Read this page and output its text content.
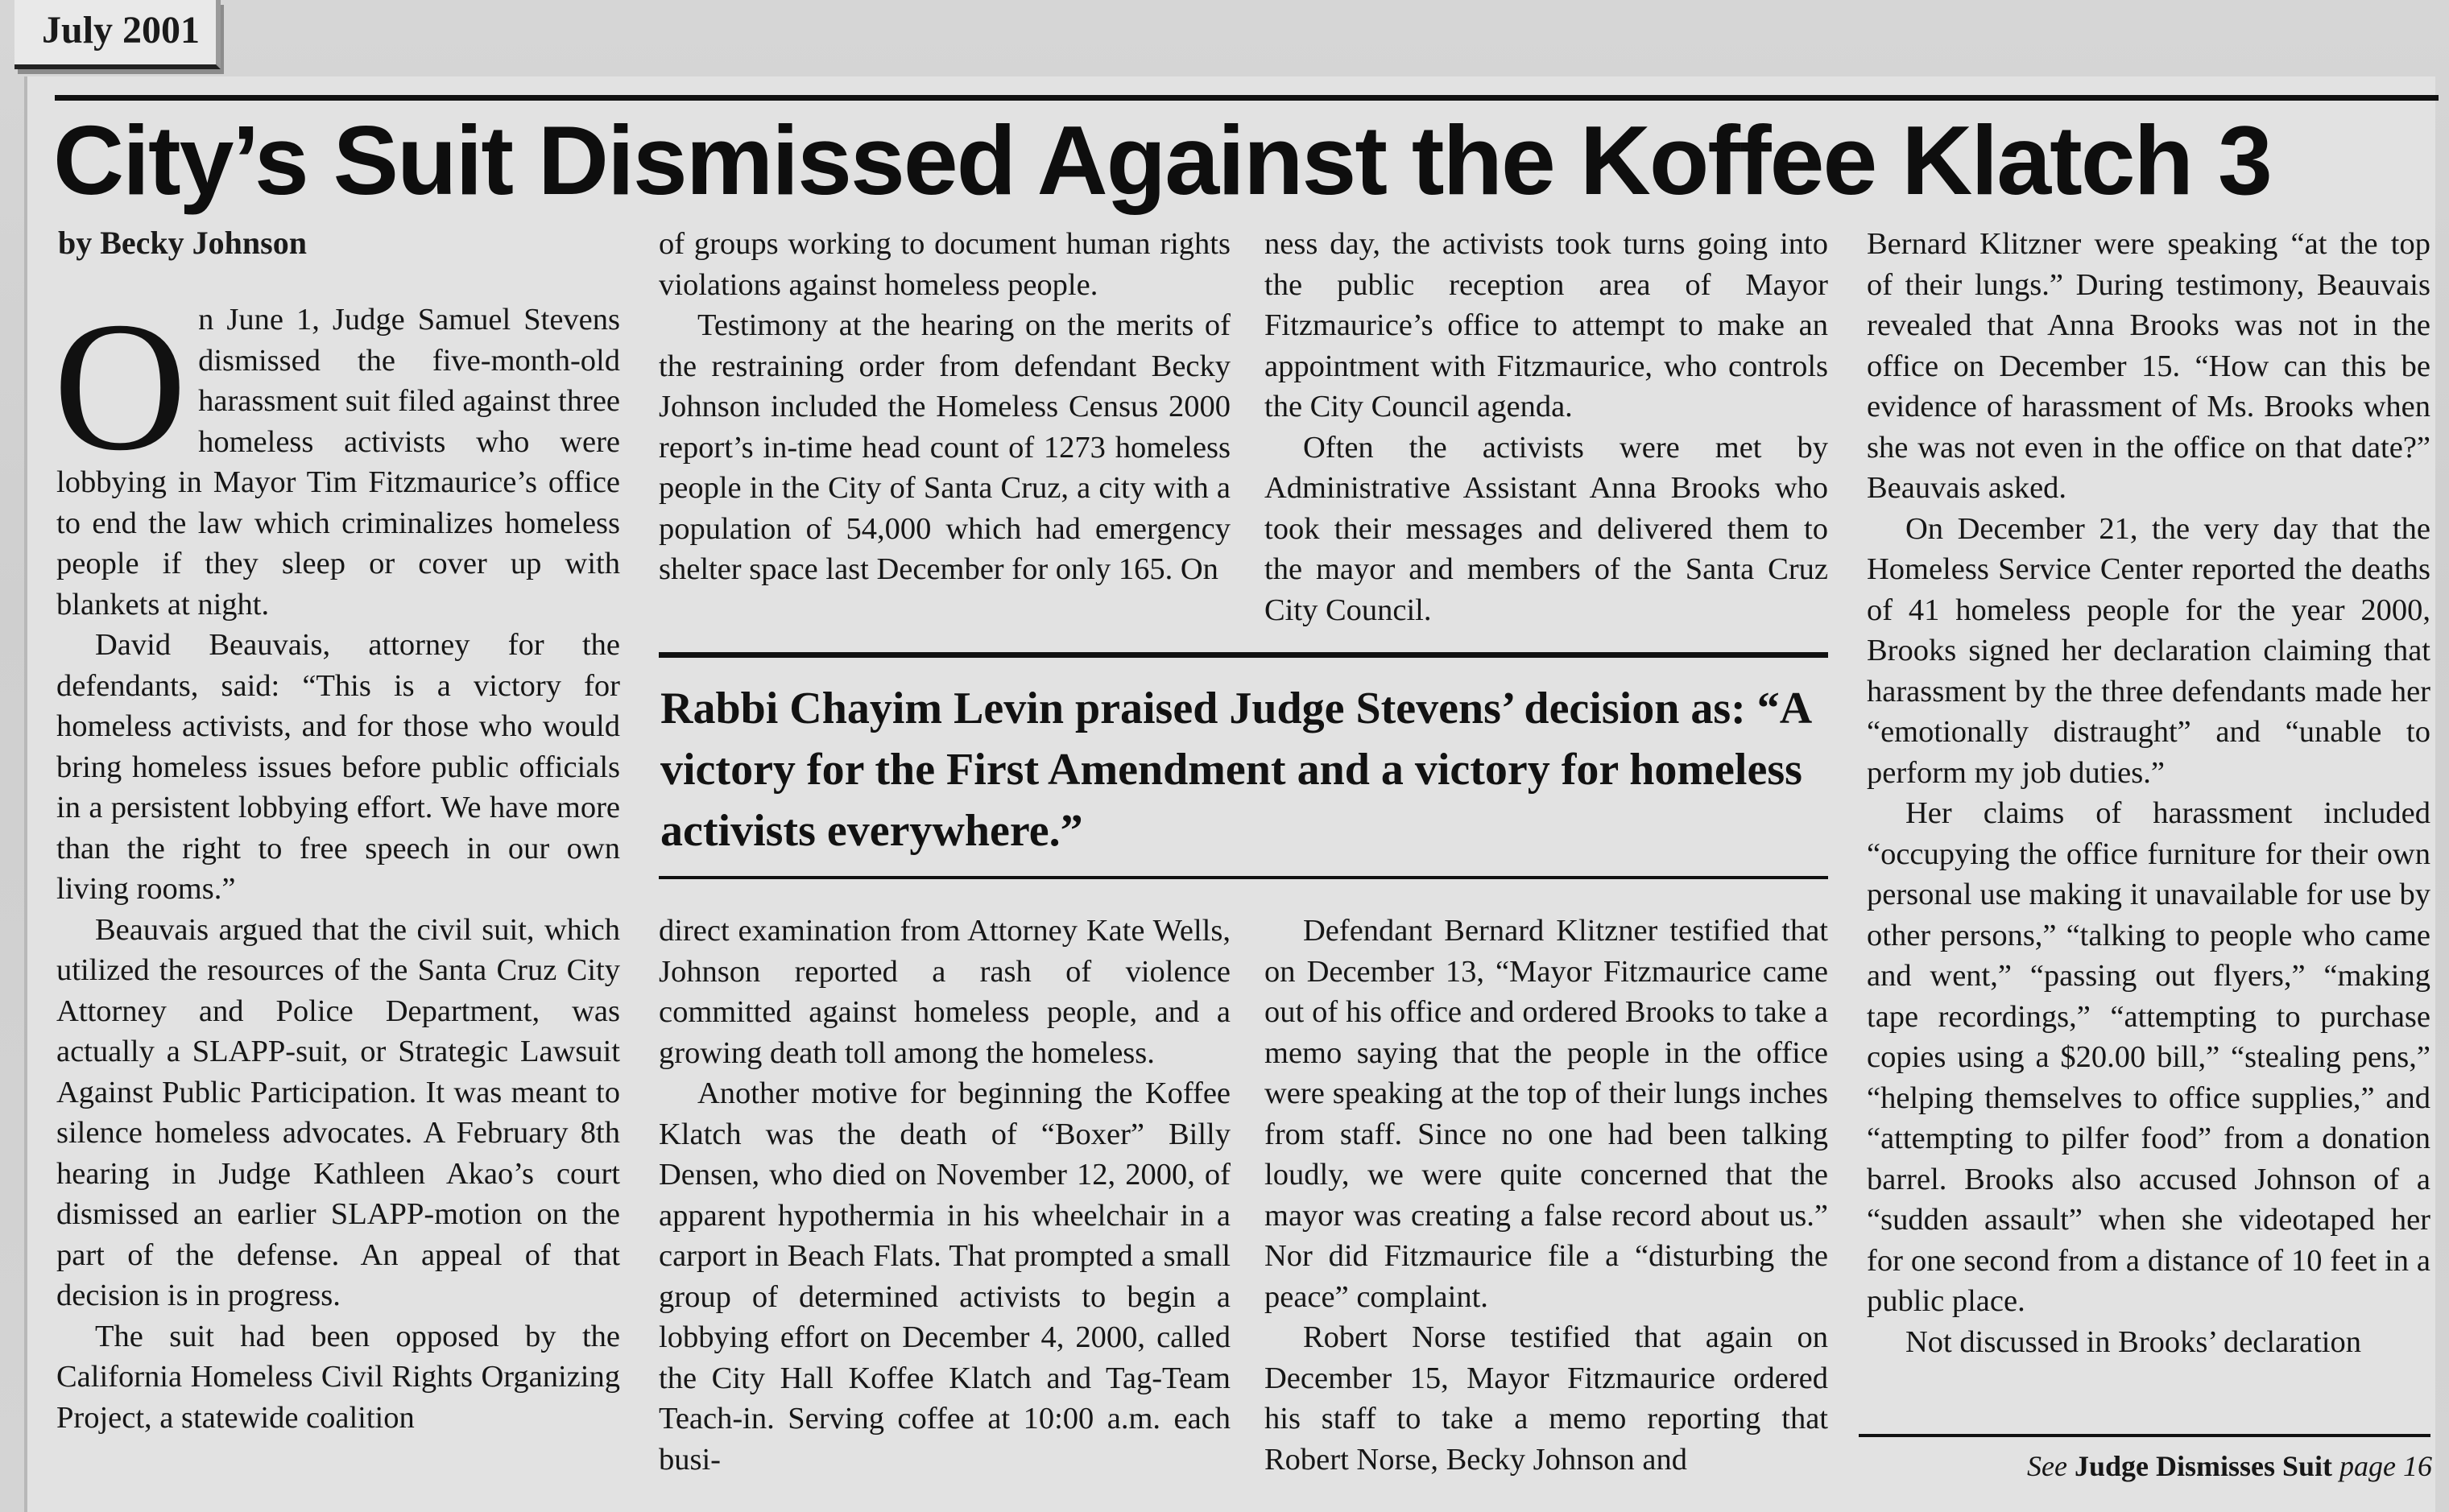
July 2001
City’s Suit Dismissed Against the Koffee Klatch 3
by Becky Johnson

On June 1, Judge Samuel Stevens dismissed the five-month-old harassment suit filed against three homeless activists who were lobbying in Mayor Tim Fitzmaurice’s office to end the law which criminalizes homeless people if they sleep or cover up with blankets at night.

David Beauvais, attorney for the defendants, said: “This is a victory for homeless activists, and for those who would bring homeless issues before public officials in a persistent lobbying effort. We have more than the right to free speech in our own living rooms.”

Beauvais argued that the civil suit, which utilized the resources of the Santa Cruz City Attorney and Police Department, was actually a SLAPP-suit, or Strategic Lawsuit Against Public Participation. It was meant to silence homeless advocates. A February 8th hearing in Judge Kathleen Akao’s court dismissed an earlier SLAPP-motion on the part of the defense. An appeal of that decision is in progress.

The suit had been opposed by the California Homeless Civil Rights Organizing Project, a statewide coalition

of groups working to document human rights violations against homeless people.

Testimony at the hearing on the merits of the restraining order from defendant Becky Johnson included the Homeless Census 2000 report’s in-time head count of 1273 homeless people in the City of Santa Cruz, a city with a population of 54,000 which had emergency shelter space last December for only 165. On

ness day, the activists took turns going into the public reception area of Mayor Fitzmaurice’s office to attempt to make an appointment with Fitzmaurice, who controls the City Council agenda.

Often the activists were met by Administrative Assistant Anna Brooks who took their messages and delivered them to the mayor and members of the Santa Cruz City Council.

Rabbi Chayim Levin praised Judge Stevens’ decision as: “A victory for the First Amendment and a victory for homeless activists everywhere.”

direct examination from Attorney Kate Wells, Johnson reported a rash of violence committed against homeless people, and a growing death toll among the homeless.

Another motive for beginning the Koffee Klatch was the death of “Boxer” Billy Densen, who died on November 12, 2000, of apparent hypothermia in his wheelchair in a carport in Beach Flats. That prompted a small group of determined activists to begin a lobbying effort on December 4, 2000, called the City Hall Koffee Klatch and Tag-Team Teach-in. Serving coffee at 10:00 a.m. each busi-

Defendant Bernard Klitzner testified that on December 13, “Mayor Fitzmaurice came out of his office and ordered Brooks to take a memo saying that the people in the office were speaking at the top of their lungs inches from staff. Since no one had been talking loudly, we were quite concerned that the mayor was creating a false record about us.” Nor did Fitzmaurice file a “disturbing the peace” complaint.

Robert Norse testified that again on December 15, Mayor Fitzmaurice ordered his staff to take a memo reporting that Robert Norse, Becky Johnson and

Bernard Klitzner were speaking “at the top of their lungs.” During testimony, Beauvais revealed that Anna Brooks was not in the office on December 15. “How can this be evidence of harassment of Ms. Brooks when she was not even in the office on that date?” Beauvais asked.

On December 21, the very day that the Homeless Service Center reported the deaths of 41 homeless people for the year 2000, Brooks signed her declaration claiming that harassment by the three defendants made her “emotionally distraught” and “unable to perform my job duties.”

Her claims of harassment included “occupying the office furniture for their own personal use making it unavailable for use by other persons,” “talking to people who came and went,” “passing out flyers,” “making tape recordings,” “attempting to purchase copies using a $20.00 bill,” “stealing pens,” “helping themselves to office supplies,” and “attempting to pilfer food” from a donation barrel. Brooks also accused Johnson of a “sudden assault” when she videotaped her for one second from a distance of 10 feet in a public place.

Not discussed in Brooks’ declaration

See Judge Dismisses Suit page 16
